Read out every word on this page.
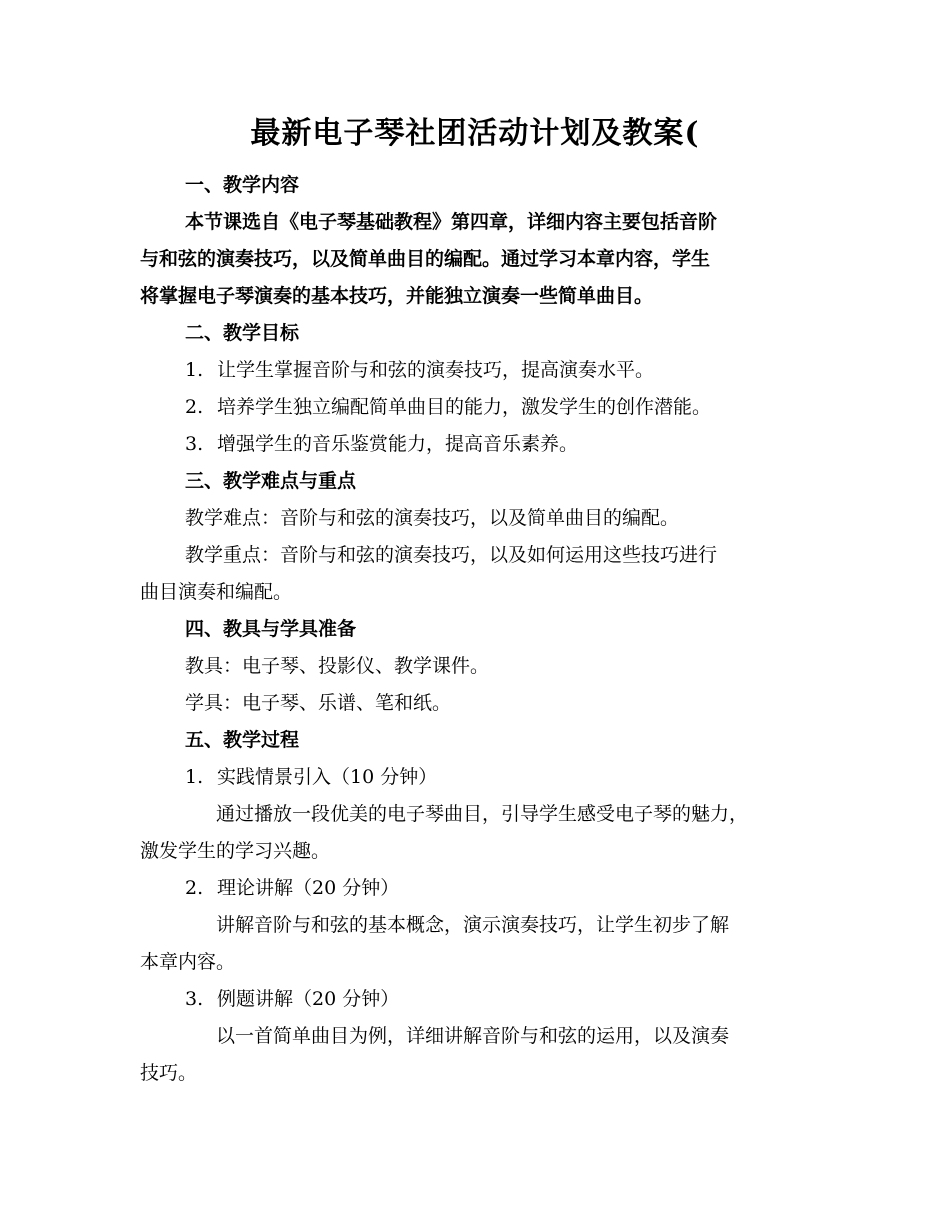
最新电子琴社团活动计划及教案(
一、教学内容
本节课选自《电子琴基础教程》第四章，详细内容主要包括音阶
与和弦的演奏技巧，以及简单曲目的编配。通过学习本章内容，学生
将掌握电子琴演奏的基本技巧，并能独立演奏一些简单曲目。
二、教学目标
1. 让学生掌握音阶与和弦的演奏技巧，提高演奏水平。
2. 培养学生独立编配简单曲目的能力，激发学生的创作潜能。
3. 增强学生的音乐鉴赏能力，提高音乐素养。
三、教学难点与重点
教学难点：音阶与和弦的演奏技巧，以及简单曲目的编配。
教学重点：音阶与和弦的演奏技巧，以及如何运用这些技巧进行
曲目演奏和编配。
四、教具与学具准备
教具：电子琴、投影仪、教学课件。
学具：电子琴、乐谱、笔和纸。
五、教学过程
1. 实践情景引入（10 分钟）
通过播放一段优美的电子琴曲目，引导学生感受电子琴的魅力，
激发学生的学习兴趣。
2. 理论讲解（20 分钟）
讲解音阶与和弦的基本概念，演示演奏技巧，让学生初步了解
本章内容。
3. 例题讲解（20 分钟）
以一首简单曲目为例，详细讲解音阶与和弦的运用，以及演奏
技巧。
